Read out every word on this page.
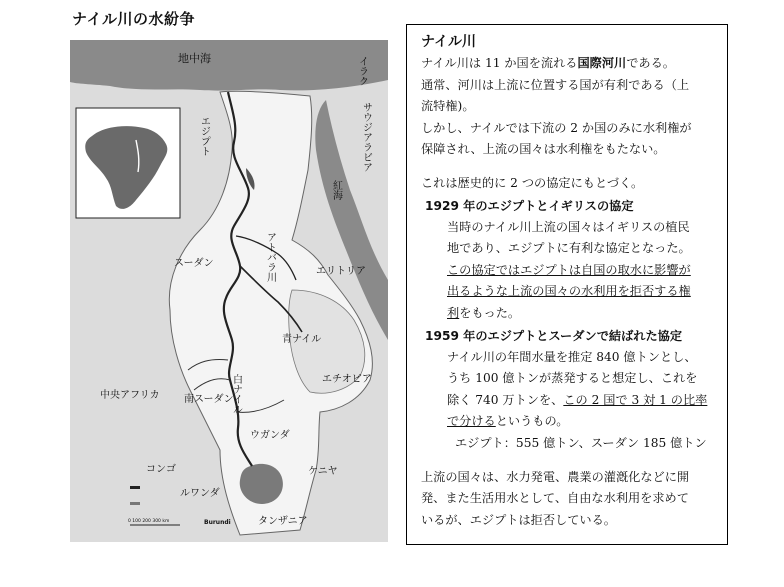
ナイル川の水紛争
0 100 200 300 km
地中海	イラク
サウジアラビア
エジプト
紅海
スーダン	アトバラ川	エリトリア
青ナイル
エチオピア
中央アフリカ 南スーダン
白ナイル
ウガンダ
コンゴ	ケニヤ
ルワンダ
Burundi	タンザニア
ナイル川
ナイル川は 11 か国を流れる国際河川である。
通常、河川は上流に位置する国が有利である（上
流特権)。
しかし、ナイルでは下流の 2 か国のみに水利権が
保障され、上流の国々は水利権をもたない。
これは歴史的に 2 つの協定にもとづく。
1929 年のエジプトとイギリスの協定
当時のナイル川上流の国々はイギリスの植民
地であり、エジプトに有利な協定となった。
この協定ではエジプトは自国の取水に影響が
出るような上流の国々の水利用を拒否する権
利をもった。
1959 年のエジプトとスーダンで結ばれた協定
ナイル川の年間水量を推定 840 億トンとし、
うち 100 億トンが蒸発すると想定し、これを
除く 740 万トンを、この 2 国で 3 対 1 の比率
で分けるというもの。
エジプト：555 億トン、スーダン 185 億トン
上流の国々は、水力発電、農業の灌漑化などに開
発、また生活用水として、自由な水利用を求めて
いるが、エジプトは拒否している。
